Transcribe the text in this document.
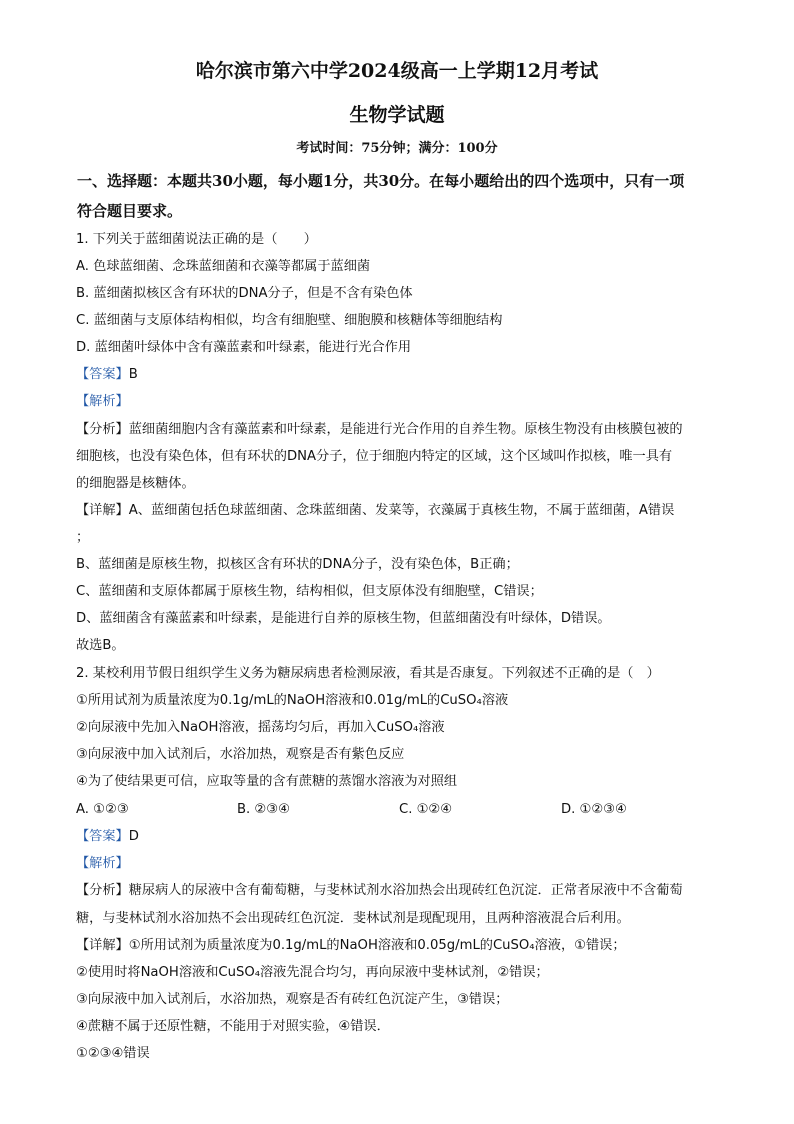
哈尔滨市第六中学2024级高一上学期12月考试
生物学试题
考试时间：75分钟；满分：100分
一、选择题：本题共30小题，每小题1分，共30分。在每小题给出的四个选项中，只有一项
符合题目要求。
1. 下列关于蓝细菌说法正确的是（　　）
A. 色球蓝细菌、念珠蓝细菌和衣藻等都属于蓝细菌
B. 蓝细菌拟核区含有环状的DNA分子，但是不含有染色体
C. 蓝细菌与支原体结构相似，均含有细胞壁、细胞膜和核糖体等细胞结构
D. 蓝细菌叶绿体中含有藻蓝素和叶绿素，能进行光合作用
【答案】B
【解析】
【分析】蓝细菌细胞内含有藻蓝素和叶绿素，是能进行光合作用的自养生物。原核生物没有由核膜包被的
细胞核，也没有染色体，但有环状的DNA分子，位于细胞内特定的区域，这个区域叫作拟核，唯一具有
的细胞器是核糖体。
【详解】A、蓝细菌包括色球蓝细菌、念珠蓝细菌、发菜等，衣藻属于真核生物，不属于蓝细菌，A错误
；
B、蓝细菌是原核生物，拟核区含有环状的DNA分子，没有染色体，B正确；
C、蓝细菌和支原体都属于原核生物，结构相似，但支原体没有细胞壁，C错误；
D、蓝细菌含有藻蓝素和叶绿素，是能进行自养的原核生物，但蓝细菌没有叶绿体，D错误。
故选B。
2. 某校利用节假日组织学生义务为糖尿病患者检测尿液，看其是否康复。下列叙述不正确的是（　）
①所用试剂为质量浓度为0.1g/mL的NaOH溶液和0.01g/mL的CuSO₄溶液
②向尿液中先加入NaOH溶液，摇荡均匀后，再加入CuSO₄溶液
③向尿液中加入试剂后，水浴加热，观察是否有紫色反应
④为了使结果更可信，应取等量的含有蔗糖的蒸馏水溶液为对照组
A. ①②③	B. ②③④	C. ①②④	D. ①②③④
【答案】D
【解析】
【分析】糖尿病人的尿液中含有葡萄糖，与斐林试剂水浴加热会出现砖红色沉淀．正常者尿液中不含葡萄
糖，与斐林试剂水浴加热不会出现砖红色沉淀．斐林试剂是现配现用，且两种溶液混合后利用。
【详解】①所用试剂为质量浓度为0.1g/mL的NaOH溶液和0.05g/mL的CuSO₄溶液，①错误；
②使用时将NaOH溶液和CuSO₄溶液先混合均匀，再向尿液中斐林试剂，②错误；
③向尿液中加入试剂后，水浴加热，观察是否有砖红色沉淀产生，③错误；
④蔗糖不属于还原性糖，不能用于对照实验，④错误．
①②③④错误
